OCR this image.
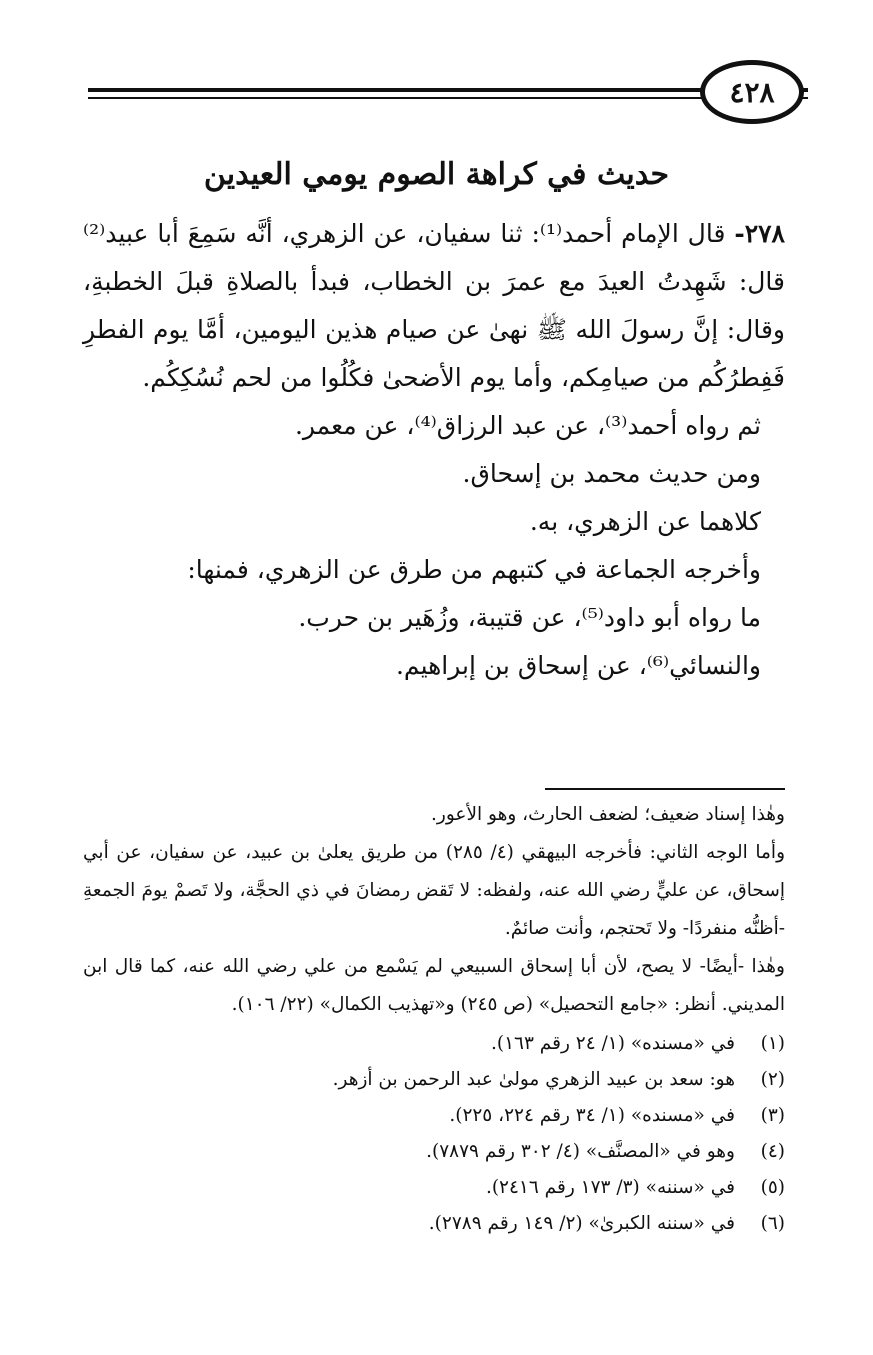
٤٢٨
حديث في كراهة الصوم يومي العيدين

٢٧٨- قال الإمام أحمد⁽¹⁾: ثنا سفيان، عن الزهري، أنَّه سَمِعَ أبا عبيد⁽²⁾ قال: شَهِدتُ العيدَ مع عمرَ بن الخطاب، فبدأ بالصلاةِ قبلَ الخطبةِ، وقال: إنَّ رسولَ الله ﷺ نهىٰ عن صيام هذين اليومين، أمَّا يوم الفطرِ فَفِطرُكُم من صيامِكم، وأما يوم الأضحىٰ فكُلُوا من لحم نُسُكِكُم.

ثم رواه أحمد⁽³⁾، عن عبد الرزاق⁽⁴⁾، عن معمر.

ومن حديث محمد بن إسحاق.

كلاهما عن الزهري، به.

وأخرجه الجماعة في كتبهم من طرق عن الزهري، فمنها:

ما رواه أبو داود⁽⁵⁾، عن قتيبة، وزُهَير بن حرب.

والنسائي⁽⁶⁾، عن إسحاق بن إبراهيم.

وهٰذا إسناد ضعيف؛ لضعف الحارث، وهو الأعور.

وأما الوجه الثاني: فأخرجه البيهقي (٤/ ٢٨٥) من طريق يعلىٰ بن عبيد، عن سفيان، عن أبي إسحاق، عن عليٍّ رضي الله عنه، ولفظه: لا تَقض رمضانَ في ذي الحجَّة، ولا تَصمْ يومَ الجمعةِ -أظنُّه منفردًا- ولا تَحتجم، وأنت صائمٌ.

وهٰذا -أيضًا- لا يصح، لأن أبا إسحاق السبيعي لم يَسْمع من علي رضي الله عنه، كما قال ابن المديني. أنظر: «جامع التحصيل» (ص ٢٤٥) و«تهذيب الكمال» (٢٢/ ١٠٦).

(١)
في «مسنده» (١/ ٢٤ رقم ١٦٣).
(٢)
هو: سعد بن عبيد الزهري مولىٰ عبد الرحمن بن أزهر.
(٣)
في «مسنده» (١/ ٣٤ رقم ٢٢٤، ٢٢٥).
(٤)
وهو في «المصنَّف» (٤/ ٣٠٢ رقم ٧٨٧٩).
(٥)
في «سننه» (٣/ ١٧٣ رقم ٢٤١٦).
(٦)
في «سننه الكبرىٰ» (٢/ ١٤٩ رقم ٢٧٨٩).
